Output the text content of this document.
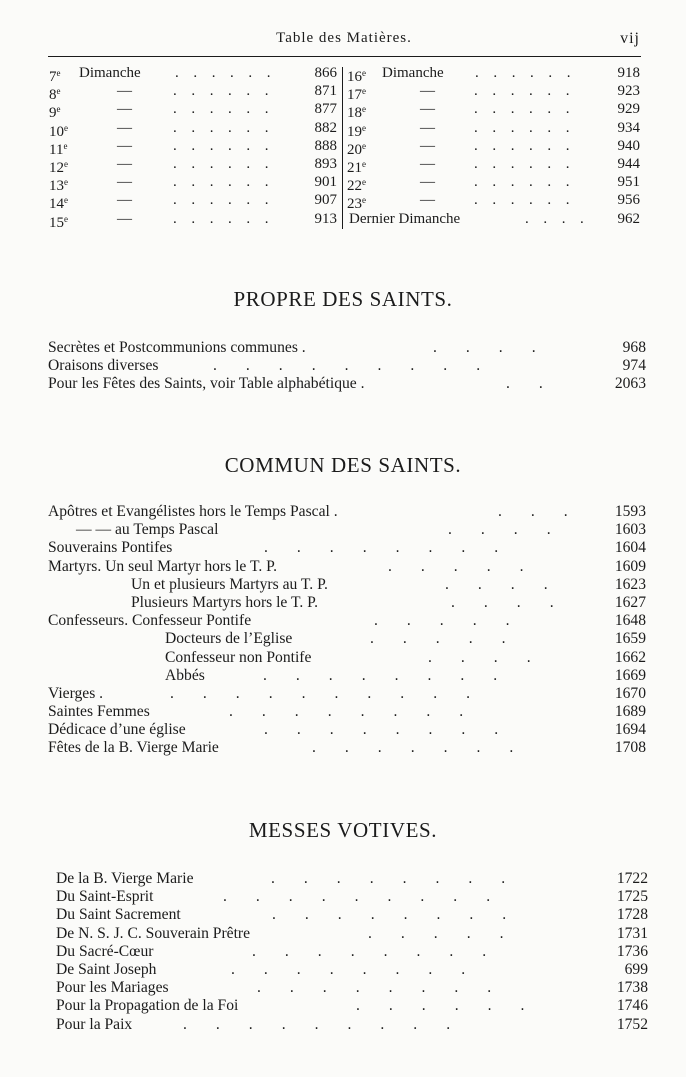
Table des Matières.	vij
7e Dimanche ...... 866
8e	—	...... 871
9e	—	...... 877
10e	—	...... 882
11e	—	...... 888
12e	—	...... 893
13e	—	...... 901
14e	—	...... 907
15e	—	...... 913
16e Dimanche ...... 918
17e	—	...... 923
18e	—	...... 929
19e	—	...... 934
20e	—	...... 940
21e	—	...... 944
22e	—	...... 951
23e	—	...... 956
Dernier Dimanche	.... 962
PROPRE DES SAINTS.
Secrètes et Postcommunions communes .	....	968
Oraisons diverses	.........	974
Pour les Fêtes des Saints, voir Table alphabétique .	..	2063
COMMUN DES SAINTS.
Apôtres et Evangélistes hors le Temps Pascal .	... 1593
— — au Temps Pascal	.... 1603
Souverains Pontifes	........	1604
Martyrs. Un seul Martyr hors le T. P.	.....	1609
Un et plusieurs Martyrs au T. P.	.... 1623
Plusieurs Martyrs hors le T. P.	.... 1627
Confesseurs. Confesseur Pontife	.....	1648
Docteurs de l’Eglise	.....	1659
Confesseur non Pontife	....	1662
Abbés	........	1669
Vierges .	..........	1670
Saintes Femmes	........	1689
Dédicace d’une église	........	1694
Fêtes de la B. Vierge Marie	.......	1708
MESSES VOTIVES.
De la B. Vierge Marie	........	1722
Du Saint-Esprit	.........	1725
Du Saint Sacrement	........	1728
De N. S. J. C. Souverain Prêtre	.....	1731
Du Sacré-Cœur	........	1736
De Saint Joseph	........	699
Pour les Mariages	........	1738
Pour la Propagation de la Foi	......	1746
Pour la Paix	.........	1752
